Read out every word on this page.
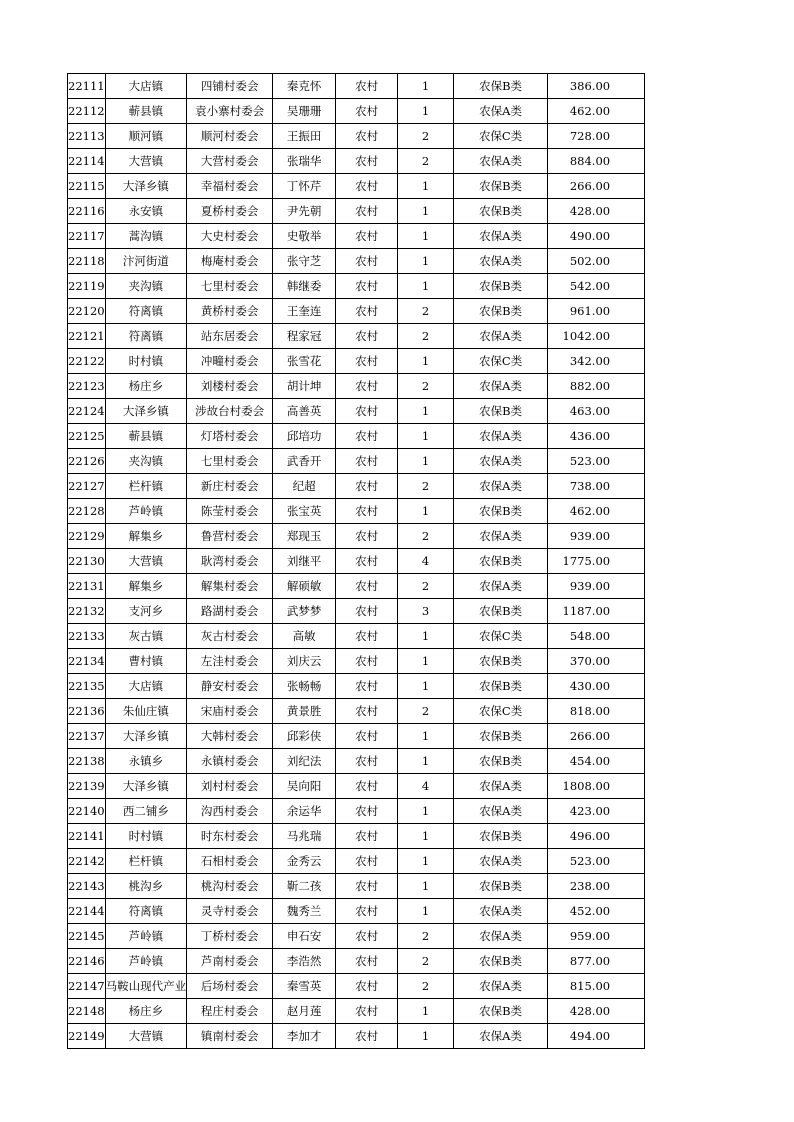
22111	大店镇	四铺村委会	秦克怀	农村	1	农保B类	386.00
22112	蕲县镇	袁小寨村委会	吴珊珊	农村	1	农保A类	462.00
22113	顺河镇	顺河村委会	王振田	农村	2	农保C类	728.00
22114	大营镇	大营村委会	张瑞华	农村	2	农保A类	884.00
22115	大泽乡镇	幸福村委会	丁怀芹	农村	1	农保B类	266.00
22116	永安镇	夏桥村委会	尹先朝	农村	1	农保B类	428.00
22117	蒿沟镇	大史村委会	史敬举	农村	1	农保A类	490.00
22118	汴河街道	梅庵村委会	张守芝	农村	1	农保A类	502.00
22119	夹沟镇	七里村委会	韩继委	农村	1	农保B类	542.00
22120	符离镇	黄桥村委会	王奎连	农村	2	农保B类	961.00
22121	符离镇	站东居委会	程家冠	农村	2	农保A类	1042.00
22122	时村镇	冲疃村委会	张雪花	农村	1	农保C类	342.00
22123	杨庄乡	刘楼村委会	胡计坤	农村	2	农保A类	882.00
22124	大泽乡镇	涉故台村委会	高善英	农村	1	农保B类	463.00
22125	蕲县镇	灯塔村委会	邱培功	农村	1	农保A类	436.00
22126	夹沟镇	七里村委会	武香开	农村	1	农保A类	523.00
22127	栏杆镇	新庄村委会	纪超	农村	2	农保A类	738.00
22128	芦岭镇	陈莹村委会	张宝英	农村	1	农保B类	462.00
22129	解集乡	鲁营村委会	郑现玉	农村	2	农保A类	939.00
22130	大营镇	耿湾村委会	刘继平	农村	4	农保B类	1775.00
22131	解集乡	解集村委会	解硕敏	农村	2	农保A类	939.00
22132	支河乡	路湖村委会	武梦梦	农村	3	农保B类	1187.00
22133	灰古镇	灰古村委会	高敏	农村	1	农保C类	548.00
22134	曹村镇	左洼村委会	刘庆云	农村	1	农保B类	370.00
22135	大店镇	静安村委会	张畅畅	农村	1	农保B类	430.00
22136	朱仙庄镇	宋庙村委会	黄景胜	农村	2	农保C类	818.00
22137	大泽乡镇	大韩村委会	邱彩侠	农村	1	农保B类	266.00
22138	永镇乡	永镇村委会	刘纪法	农村	1	农保B类	454.00
22139	大泽乡镇	刘村村委会	吴向阳	农村	4	农保A类	1808.00
22140	西二铺乡	沟西村委会	余运华	农村	1	农保A类	423.00
22141	时村镇	时东村委会	马兆瑞	农村	1	农保B类	496.00
22142	栏杆镇	石相村委会	金秀云	农村	1	农保A类	523.00
22143	桃沟乡	桃沟村委会	靳二孩	农村	1	农保B类	238.00
22144	符离镇	灵寺村委会	魏秀兰	农村	1	农保A类	452.00
22145	芦岭镇	丁桥村委会	申石安	农村	2	农保A类	959.00
22146	芦岭镇	芦南村委会	李浩然	农村	2	农保B类	877.00
22147	马鞍山现代产业	后场村委会	秦雪英	农村	2	农保A类	815.00
22148	杨庄乡	程庄村委会	赵月莲	农村	1	农保B类	428.00
22149	大营镇	镇南村委会	李加才	农村	1	农保A类	494.00
